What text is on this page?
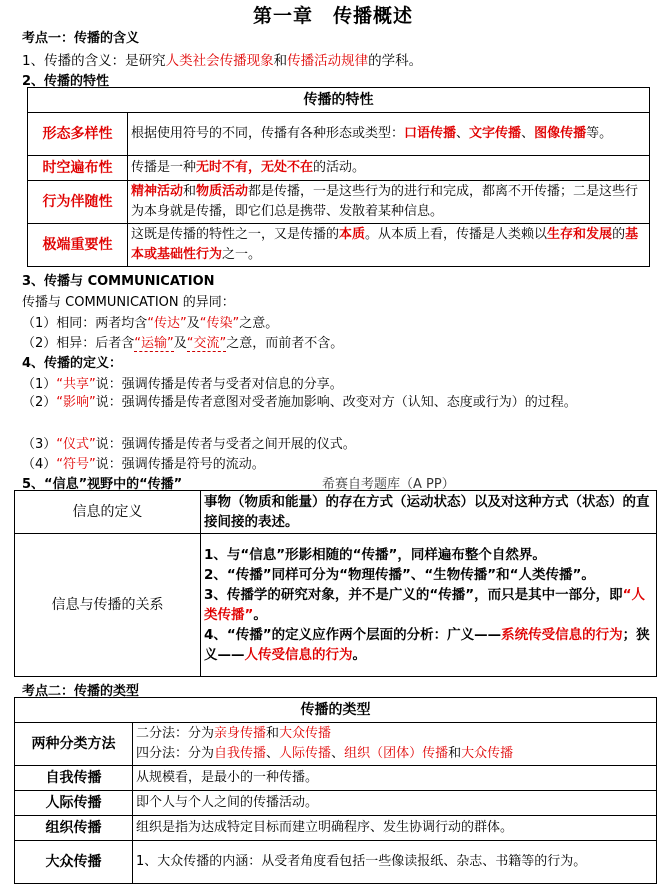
第一章　传播概述
考点一：传播的含义
1、传播的含义：是研究人类社会传播现象和传播活动规律的学科。
2、传播的特性
传播的特性	
形态多样性	根据使用符号的不同，传播有各种形态或类型：口语传播、文字传播、图像传播等。
时空遍布性	传播是一种无时不有，无处不在的活动。
行为伴随性	精神活动和物质活动都是传播，一是这些行为的进行和完成，都离不开传播；二是这些行为本身就是传播，即它们总是携带、发散着某种信息。
极端重要性	这既是传播的特性之一，又是传播的本质。从本质上看，传播是人类赖以生存和发展的基本或基础性行为之一。
3、传播与 COMMUNICATION
传播与 COMMUNICATION 的异同：
（1）相同：两者均含“传达”及“传染”之意。
（2）相异：后者含“运输”及“交流”之意，而前者不含。
4、传播的定义：
（1）“共享”说：强调传播是传者与受者对信息的分享。
（2）“影响”说：强调传播是传者意图对受者施加影响、改变对方（认知、态度或行为）的过程。
（3）“仪式”说：强调传播是传者与受者之间开展的仪式。
（4）“符号”说：强调传播是符号的流动。
5、“信息”视野中的“传播”	希赛自考题库（A PP）
信息的定义	事物（物质和能量）的存在方式（运动状态）以及对这种方式（状态）的直接间接的表述。
信息与传播的关系	1、与“信息”形影相随的“传播”，同样遍布整个自然界。
2、“传播”同样可分为“物理传播”、“生物传播”和“人类传播”。
3、传播学的研究对象，并不是广义的“传播”，而只是其中一部分，即“人类传播”。
4、“传播”的定义应作两个层面的分析：广义——系统传受信息的行为；狭义——人传受信息的行为。
考点二：传播的类型
传播的类型	
两种分类方法	二分法：分为亲身传播和大众传播
四分法：分为自我传播、人际传播、组织（团体）传播和大众传播

自我传播	从规模看，是最小的一种传播。
人际传播	即个人与个人之间的传播活动。
组织传播	组织是指为达成特定目标而建立明确程序、发生协调行动的群体。
大众传播	1、大众传播的内涵：从受者角度看包括一些像读报纸、杂志、书籍等的行为。
